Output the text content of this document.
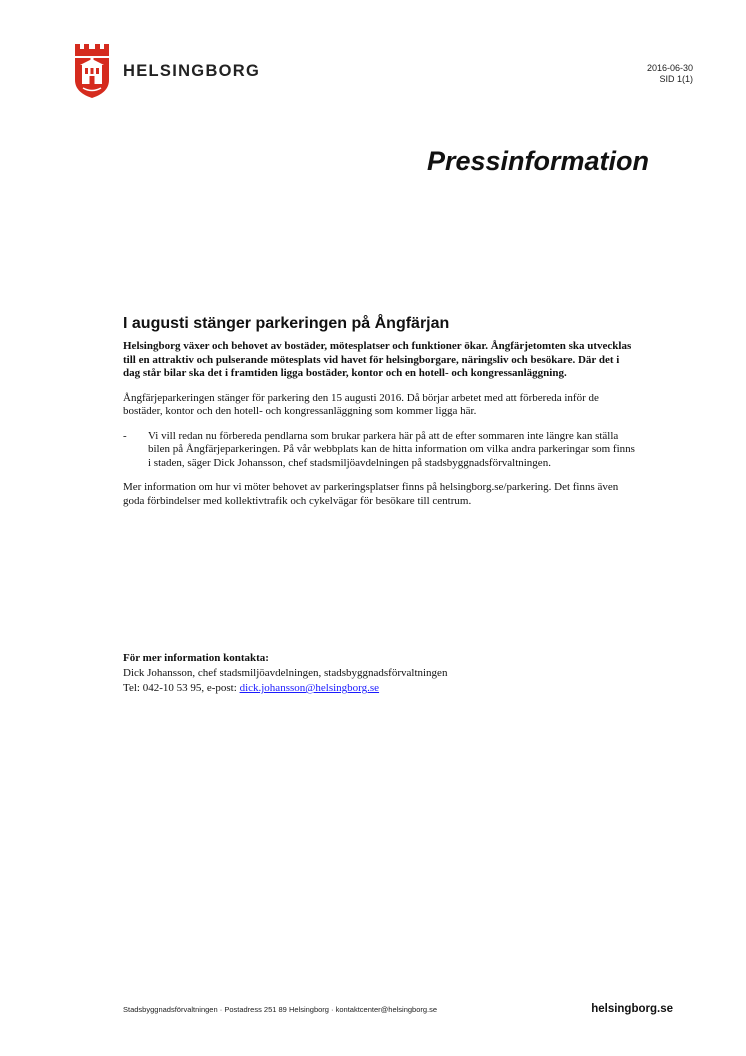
HELSINGBORG	2016-06-30
SID 1(1)
Pressinformation
I augusti stänger parkeringen på Ångfärjan

Helsingborg växer och behovet av bostäder, mötesplatser och funktioner ökar. Ångfärjetomten ska utvecklas till en attraktiv och pulserande mötesplats vid havet för helsingborgare, näringsliv och besökare. Där det i dag står bilar ska det i framtiden ligga bostäder, kontor och en hotell- och kongressanläggning.

Ångfärjeparkeringen stänger för parkering den 15 augusti 2016. Då börjar arbetet med att förbereda inför de bostäder, kontor och den hotell- och kongressanläggning som kommer ligga här.

-	Vi vill redan nu förbereda pendlarna som brukar parkera här på att de efter sommaren inte längre kan ställa bilen på Ångfärjeparkeringen. På vår webbplats kan de hitta information om vilka andra parkeringar som finns i staden, säger Dick Johansson, chef stadsmiljöavdelningen på stadsbyggnadsförvaltningen.

Mer information om hur vi möter behovet av parkeringsplatser finns på helsingborg.se/parkering. Det finns även goda förbindelser med kollektivtrafik och cykelvägar för besökare till centrum.

För mer information kontakta:
Dick Johansson, chef stadsmiljöavdelningen, stadsbyggnadsförvaltningen
Tel: 042-10 53 95, e-post: dick.johansson@helsingborg.se
Stadsbyggnadsförvaltningen · Postadress 251 89 Helsingborg · kontaktcenter@helsingborg.se	helsingborg.se
